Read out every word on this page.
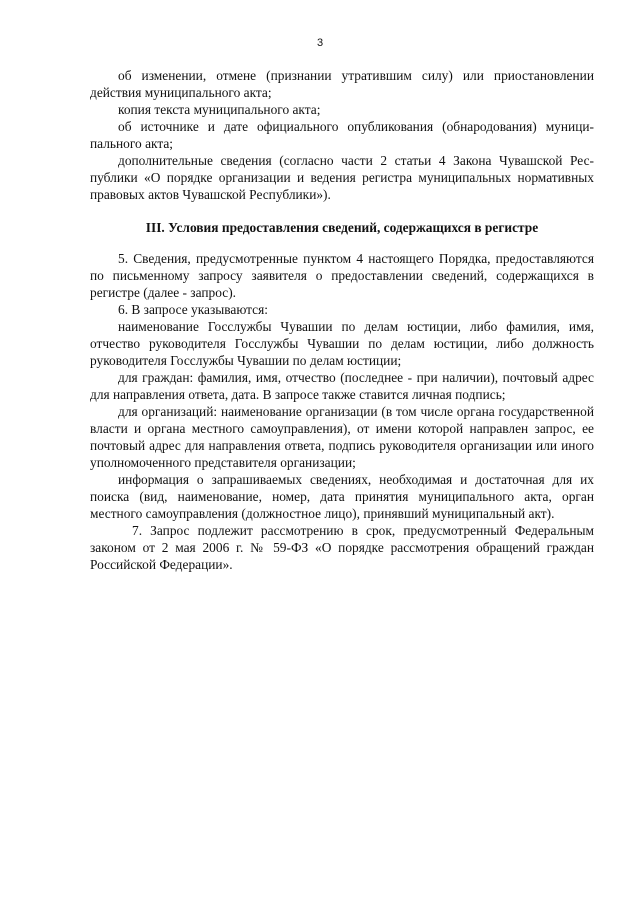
3

об изменении, отмене (признании утратившим силу) или приостановлении действия муниципального акта;

копия текста муниципального акта;

об источнике и дате официального опубликования (обнародования) муниципального акта;

дополнительные сведения (согласно части 2 статьи 4 Закона Чувашской Республики «О порядке организации и ведения регистра муниципальных нормативных правовых актов Чувашской Республики»).

III. Условия предоставления сведений, содержащихся в регистре

5. Сведения, предусмотренные пунктом 4 настоящего Порядка, предоставляются по письменному запросу заявителя о предоставлении сведений, содержащихся в регистре (далее - запрос).

6. В запросе указываются:

наименование Госслужбы Чувашии по делам юстиции, либо фамилия, имя, отчество руководителя Госслужбы Чувашии по делам юстиции, либо должность руководителя Госслужбы Чувашии по делам юстиции;

для граждан: фамилия, имя, отчество (последнее - при наличии), почтовый адрес для направления ответа, дата. В запросе также ставится личная подпись;

для организаций: наименование организации (в том числе органа государственной власти и органа местного самоуправления), от имени которой направлен запрос, ее почтовый адрес для направления ответа, подпись руководителя организации или иного уполномоченного представителя организации;

информация о запрашиваемых сведениях, необходимая и достаточная для их поиска (вид, наименование, номер, дата принятия муниципального акта, орган местного самоуправления (должностное лицо), принявший муниципальный акт).

7. Запрос подлежит рассмотрению в срок, предусмотренный Федеральным законом от 2 мая 2006 г. № 59-ФЗ «О порядке рассмотрения обращений граждан Российской Федерации».
